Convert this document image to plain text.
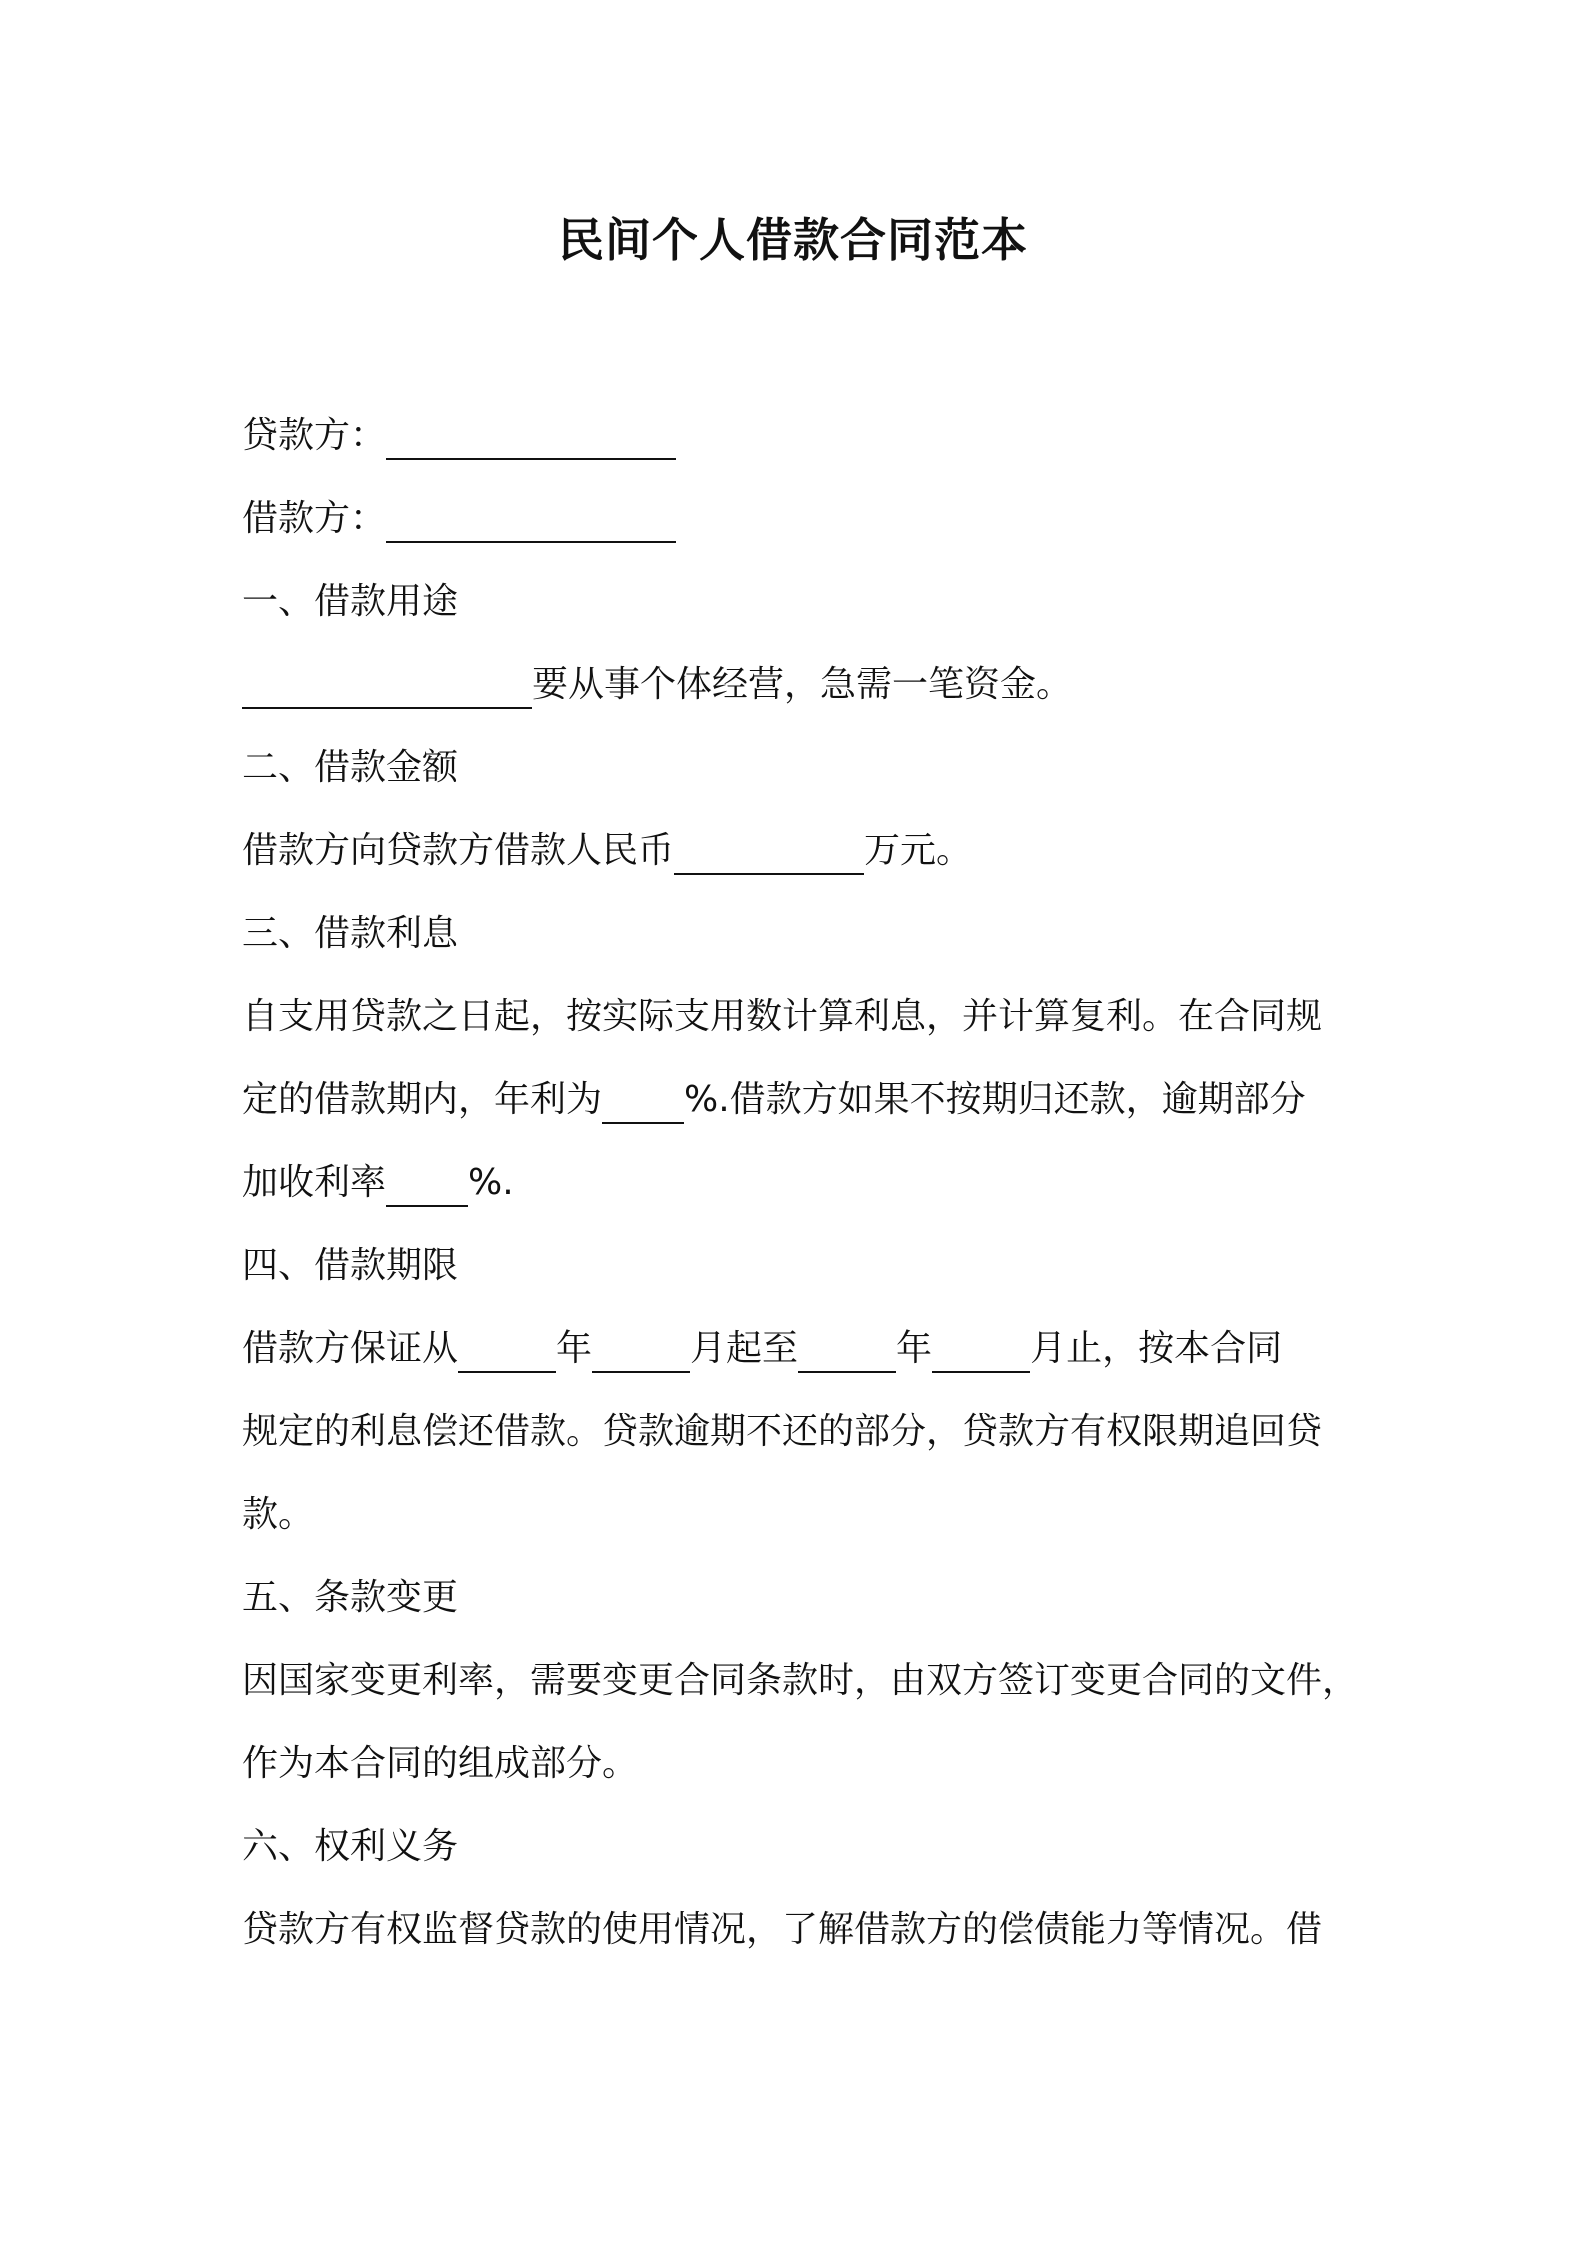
民间个人借款合同范本
贷款方：
借款方：
一、借款用途
要从事个体经营，急需一笔资金。
二、借款金额
借款方向贷款方借款人民币	万元。
三、借款利息
自支用贷款之日起，按实际支用数计算利息，并计算复利。在合同规
定的借款期内，年利为 %.借款方如果不按期归还款，逾期部分
加收利率 %.
四、借款期限
借款方保证从	年	月起至	年	月止，按本合同
规定的利息偿还借款。贷款逾期不还的部分，贷款方有权限期追回贷
款。
五、条款变更
因国家变更利率，需要变更合同条款时，由双方签订变更合同的文件，
作为本合同的组成部分。
六、权利义务
贷款方有权监督贷款的使用情况，了解借款方的偿债能力等情况。借
